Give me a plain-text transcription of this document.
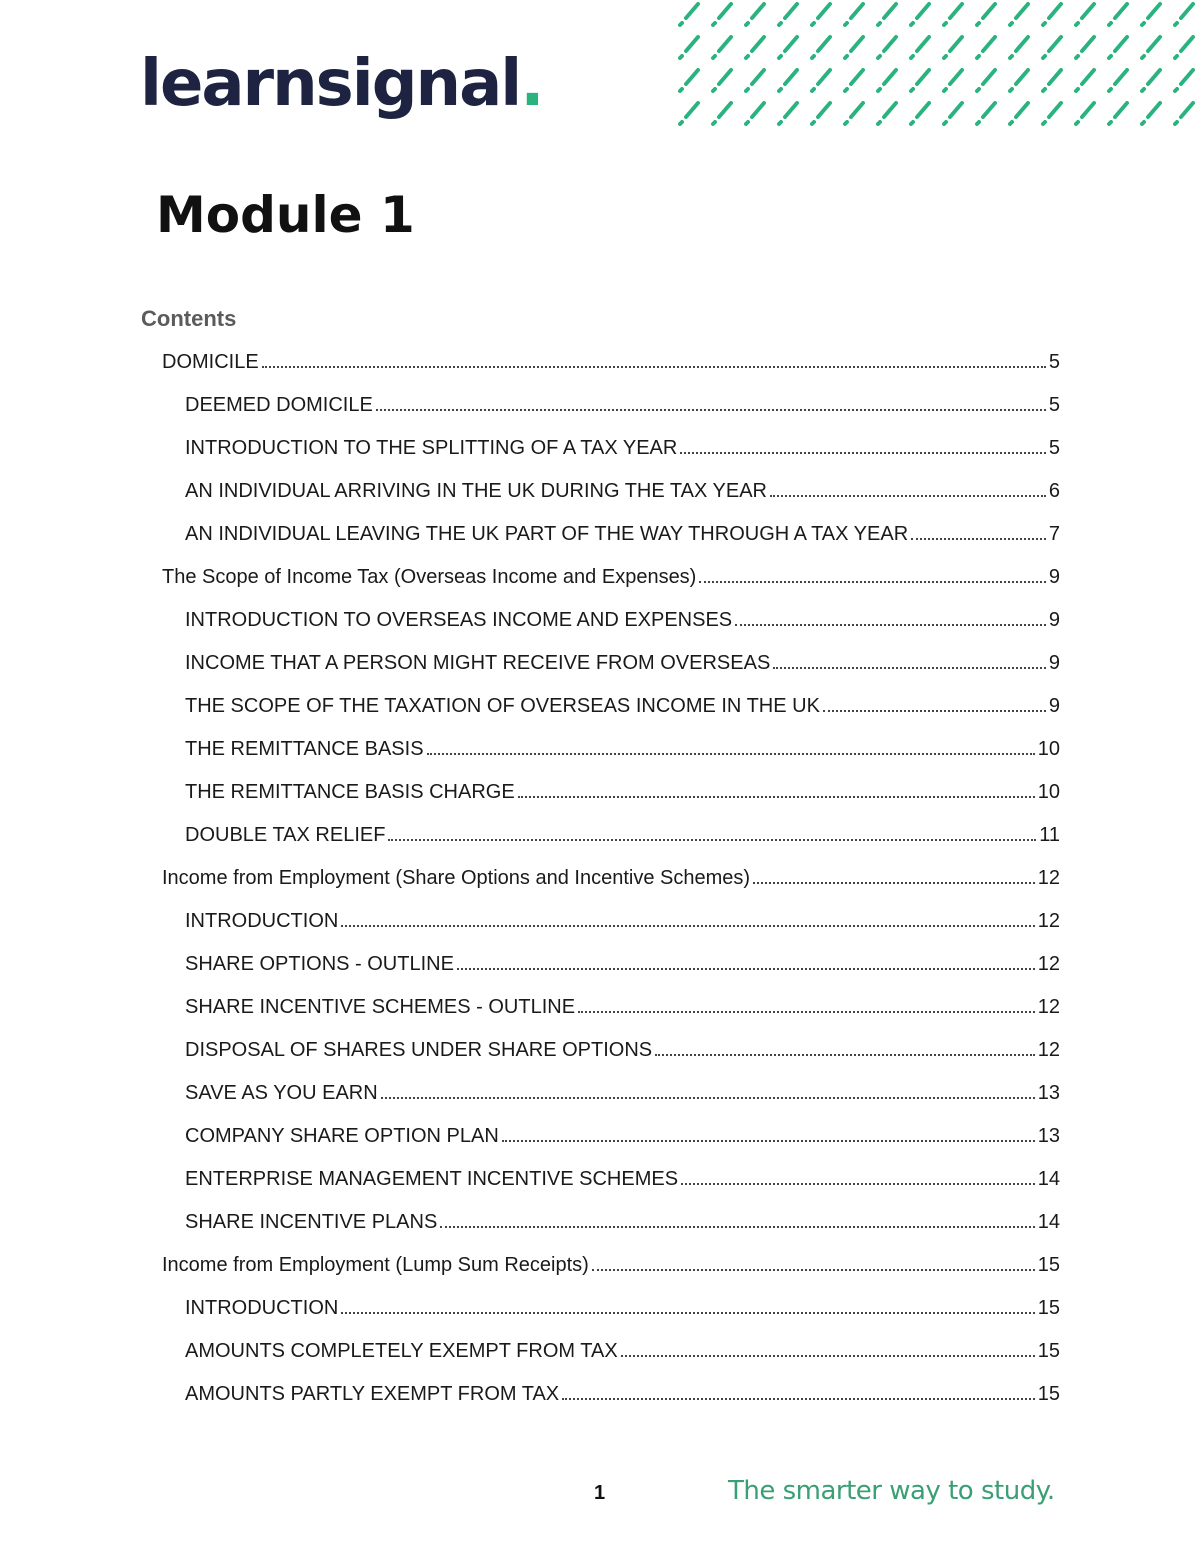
learnsignal.
Module 1
Contents
DOMICILE	5
DEEMED DOMICILE	5
INTRODUCTION TO THE SPLITTING OF A TAX YEAR	5
AN INDIVIDUAL ARRIVING IN THE UK DURING THE TAX YEAR	6
AN INDIVIDUAL LEAVING THE UK PART OF THE WAY THROUGH A TAX YEAR	7
The Scope of Income Tax (Overseas Income and Expenses)	9
INTRODUCTION TO OVERSEAS INCOME AND EXPENSES	9
INCOME THAT A PERSON MIGHT RECEIVE FROM OVERSEAS	9
THE SCOPE OF THE TAXATION OF OVERSEAS INCOME IN THE UK	9
THE REMITTANCE BASIS	10
THE REMITTANCE BASIS CHARGE	10
DOUBLE TAX RELIEF	11
Income from Employment (Share Options and Incentive Schemes)	12
INTRODUCTION	12
SHARE OPTIONS - OUTLINE	12
SHARE INCENTIVE SCHEMES - OUTLINE	12
DISPOSAL OF SHARES UNDER SHARE OPTIONS	12
SAVE AS YOU EARN	13
COMPANY SHARE OPTION PLAN	13
ENTERPRISE MANAGEMENT INCENTIVE SCHEMES	14
SHARE INCENTIVE PLANS	14
Income from Employment (Lump Sum Receipts)	15
INTRODUCTION	15
AMOUNTS COMPLETELY EXEMPT FROM TAX	15
AMOUNTS PARTLY EXEMPT FROM TAX	15
1	The smarter way to study.
